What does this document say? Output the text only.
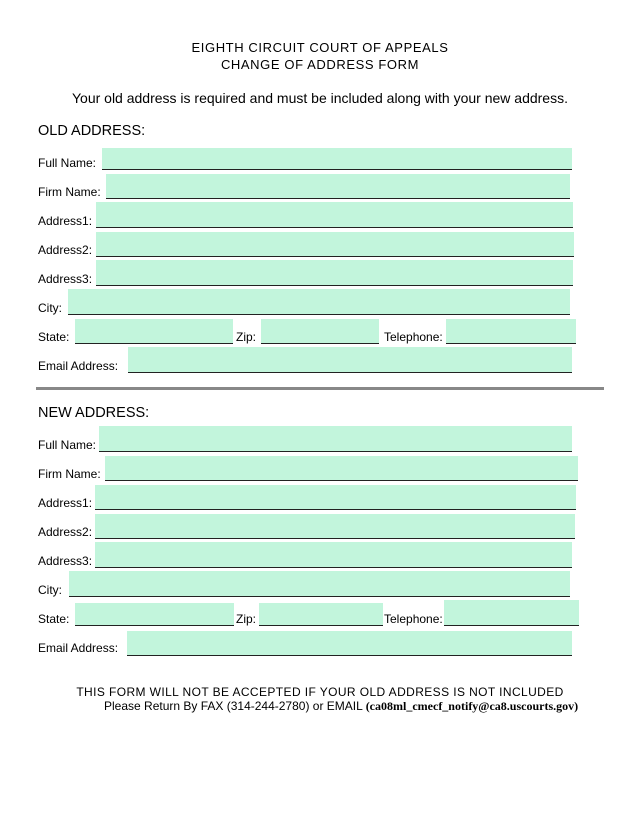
EIGHTH CIRCUIT COURT OF APPEALS
CHANGE OF ADDRESS FORM
Your old address is required and must be included along with your new address.
OLD ADDRESS:
Full Name:
Firm Name:
Address1:
Address2:
Address3:
City:
State:	Zip:	Telephone:
Email Address:
NEW ADDRESS:
Full Name:
Firm Name:
Address1:
Address2:
Address3:
City:
State:	Zip:	Telephone:
Email Address:
THIS FORM WILL NOT BE ACCEPTED IF YOUR OLD ADDRESS IS NOT INCLUDED
Please Return By FAX (314-244-2780) or EMAIL (ca08ml_cmecf_notify@ca8.uscourts.gov)
